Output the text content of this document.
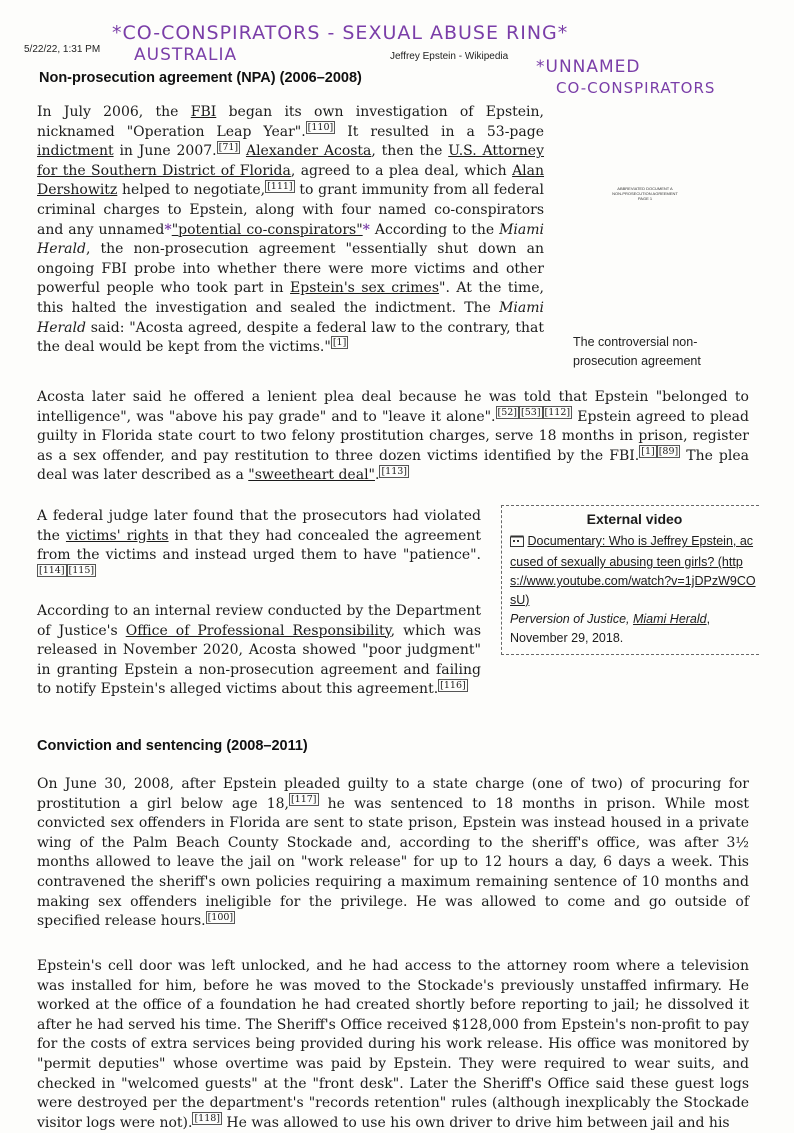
5/22/22, 1:31 PM
Jeffrey Epstein - Wikipedia
*CO-CONSPIRATORS - SEXUAL ABUSE RING*
AUSTRALIA
*UNNAMED
CO-CONSPIRATORS
Non-prosecution agreement (NPA) (2006–2008)

In July 2006, the FBI began its own investigation of Epstein, nicknamed "Operation Leap Year". [110] It resulted in a 53-page indictment in June 2007. [71] Alexander Acosta, then the U.S. Attorney for the Southern District of Florida, agreed to a plea deal, which Alan Dershowitz helped to negotiate, [111] to grant immunity from all federal criminal charges to Epstein, along with four named co-conspirators and any unnamed*"potential co-conspirators"* According to the Miami Herald, the non-prosecution agreement "essentially shut down an ongoing FBI probe into whether there were more victims and other powerful people who took part in Epstein's sex crimes". At the time, this halted the investigation and sealed the indictment. The Miami Herald said: "Acosta agreed, despite a federal law to the contrary, that the deal would be kept from the victims." [1]

ABBREVIATED DOCUMENT A
NON-PROSECUTION AGREEMENT
PAGE 1
The controversial non-prosecution agreement

Acosta later said he offered a lenient plea deal because he was told that Epstein "belonged to intelligence", was "above his pay grade" and to "leave it alone". [52] [53] [112] Epstein agreed to plead guilty in Florida state court to two felony prostitution charges, serve 18 months in prison, register as a sex offender, and pay restitution to three dozen victims identified by the FBI. [1] [89] The plea deal was later described as a "sweetheart deal". [113]

A federal judge later found that the prosecutors had violated the victims' rights in that they had concealed the agreement from the victims and instead urged them to have "patience".[114] [115]

According to an internal review conducted by the Department of Justice's Office of Professional Responsibility, which was released in November 2020, Acosta showed "poor judgment" in granting Epstein a non-prosecution agreement and failing to notify Epstein's alleged victims about this agreement. [116]

External video
Documentary: Who is Jeffrey Epstein, accused of sexually abusing teen girls? (https://www.youtube.com/watch?v=1jDPzW9COsU)
Perversion of Justice, Miami Herald, November 29, 2018.
Conviction and sentencing (2008–2011)

On June 30, 2008, after Epstein pleaded guilty to a state charge (one of two) of procuring for prostitution a girl below age 18, [117] he was sentenced to 18 months in prison. While most convicted sex offenders in Florida are sent to state prison, Epstein was instead housed in a private wing of the Palm Beach County Stockade and, according to the sheriff's office, was after 3½ months allowed to leave the jail on "work release" for up to 12 hours a day, 6 days a week. This contravened the sheriff's own policies requiring a maximum remaining sentence of 10 months and making sex offenders ineligible for the privilege. He was allowed to come and go outside of specified release hours. [100]

Epstein's cell door was left unlocked, and he had access to the attorney room where a television was installed for him, before he was moved to the Stockade's previously unstaffed infirmary. He worked at the office of a foundation he had created shortly before reporting to jail; he dissolved it after he had served his time. The Sheriff's Office received $128,000 from Epstein's non-profit to pay for the costs of extra services being provided during his work release. His office was monitored by "permit deputies" whose overtime was paid by Epstein. They were required to wear suits, and checked in "welcomed guests" at the "front desk". Later the Sheriff's Office said these guest logs were destroyed per the department's "records retention" rules (although inexplicably the Stockade visitor logs were not). [118] He was allowed to use his own driver to drive him between jail and his
